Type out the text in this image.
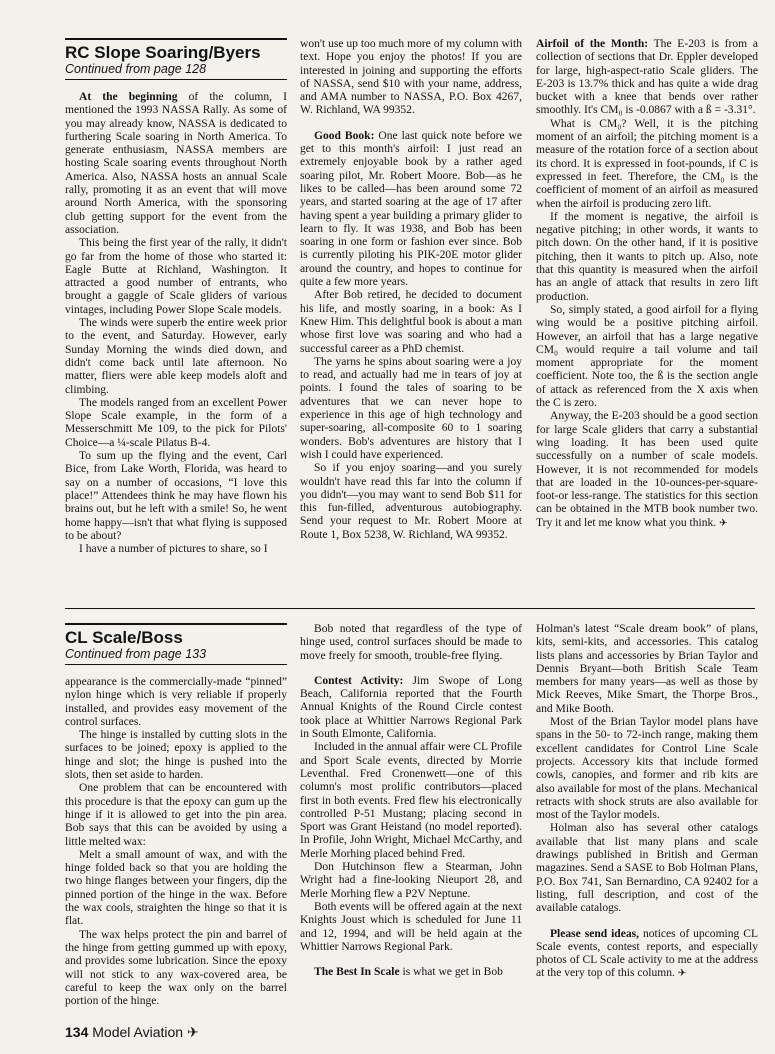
RC Slope Soaring/Byers
Continued from page 128

At the beginning of the column, I mentioned the 1993 NASSA Rally. As some of you may already know, NASSA is dedicated to furthering Scale soaring in North America. To generate enthusiasm, NASSA members are hosting Scale soaring events throughout North America. Also, NASSA hosts an annual Scale rally, promoting it as an event that will move around North America, with the sponsoring club getting support for the event from the association.

This being the first year of the rally, it didn't go far from the home of those who started it: Eagle Butte at Richland, Washington. It attracted a good number of entrants, who brought a gaggle of Scale gliders of various vintages, including Power Slope Scale models.

The winds were superb the entire week prior to the event, and Saturday. However, early Sunday Morning the winds died down, and didn't come back until late afternoon. No matter, fliers were able keep models aloft and climbing.

The models ranged from an excellent Power Slope Scale example, in the form of a Messerschmitt Me 109, to the pick for Pilots' Choice—a ¼-scale Pilatus B-4.

To sum up the flying and the event, Carl Bice, from Lake Worth, Florida, was heard to say on a number of occasions, “I love this place!” Attendees think he may have flown his brains out, but he left with a smile! So, he went home happy—isn't that what flying is supposed to be about?

I have a number of pictures to share, so I

won't use up too much more of my column with text. Hope you enjoy the photos! If you are interested in joining and supporting the efforts of NASSA, send $10 with your name, address, and AMA number to NASSA, P.O. Box 4267, W. Richland, WA 99352.

Good Book: One last quick note before we get to this month's airfoil: I just read an extremely enjoyable book by a rather aged soaring pilot, Mr. Robert Moore. Bob—as he likes to be called—has been around some 72 years, and started soaring at the age of 17 after having spent a year building a primary glider to learn to fly. It was 1938, and Bob has been soaring in one form or fashion ever since. Bob is currently piloting his PIK-20E motor glider around the country, and hopes to continue for quite a few more years.

After Bob retired, he decided to document his life, and mostly soaring, in a book: As I Knew Him. This delightful book is about a man whose first love was soaring and who had a successful career as a PhD chemist.

The yarns he spins about soaring were a joy to read, and actually had me in tears of joy at points. I found the tales of soaring to be adventures that we can never hope to experience in this age of high technology and super-soaring, all-composite 60 to 1 soaring wonders. Bob's adventures are history that I wish I could have experienced.

So if you enjoy soaring—and you surely wouldn't have read this far into the column if you didn't—you may want to send Bob $11 for this fun-filled, adventurous autobiography. Send your request to Mr. Robert Moore at Route 1, Box 5238, W. Richland, WA 99352.

Airfoil of the Month: The E-203 is from a collection of sections that Dr. Eppler developed for large, high-aspect-ratio Scale gliders. The E-203 is 13.7% thick and has quite a wide drag bucket with a knee that bends over rather smoothly. It's CM₀ is -0.0867 with a ß = -3.31°.

What is CM₀? Well, it is the pitching moment of an airfoil; the pitching moment is a measure of the rotation force of a section about its chord. It is expressed in foot-pounds, if C is expressed in feet. Therefore, the CM₀ is the coefficient of moment of an airfoil as measured when the airfoil is producing zero lift.

If the moment is negative, the airfoil is negative pitching; in other words, it wants to pitch down. On the other hand, if it is positive pitching, then it wants to pitch up. Also, note that this quantity is measured when the airfoil has an angle of attack that results in zero lift production.

So, simply stated, a good airfoil for a flying wing would be a positive pitching airfoil. However, an airfoil that has a large negative CM₀ would require a tail volume and tail moment appropriate for the moment coefficient. Note too, the ß is the section angle of attack as referenced from the X axis when the C is zero.

Anyway, the E-203 should be a good section for large Scale gliders that carry a substantial wing loading. It has been used quite successfully on a number of scale models. However, it is not recommended for models that are loaded in the 10-ounces-per-square-foot-or less-range. The statistics for this section can be obtained in the MTB book number two. Try it and let me know what you think. ✈

CL Scale/Boss
Continued from page 133

appearance is the commercially-made “pinned” nylon hinge which is very reliable if properly installed, and provides easy movement of the control surfaces.

The hinge is installed by cutting slots in the surfaces to be joined; epoxy is applied to the hinge and slot; the hinge is pushed into the slots, then set aside to harden.

One problem that can be encountered with this procedure is that the epoxy can gum up the hinge if it is allowed to get into the pin area. Bob says that this can be avoided by using a little melted wax:

Melt a small amount of wax, and with the hinge folded back so that you are holding the two hinge flanges between your fingers, dip the pinned portion of the hinge in the wax. Before the wax cools, straighten the hinge so that it is flat.

The wax helps protect the pin and barrel of the hinge from getting gummed up with epoxy, and provides some lubrication. Since the epoxy will not stick to any wax-covered area, be careful to keep the wax only on the barrel portion of the hinge.

Bob noted that regardless of the type of hinge used, control surfaces should be made to move freely for smooth, trouble-free flying.

Contest Activity: Jim Swope of Long Beach, California reported that the Fourth Annual Knights of the Round Circle contest took place at Whittier Narrows Regional Park in South Elmonte, California.

Included in the annual affair were CL Profile and Sport Scale events, directed by Morrie Leventhal. Fred Cronenwett—one of this column's most prolific contributors—placed first in both events. Fred flew his electronically controlled P-51 Mustang; placing second in Sport was Grant Heistand (no model reported). In Profile, John Wright, Michael McCarthy, and Merle Morhing placed behind Fred.

Don Hutchinson flew a Stearman, John Wright had a fine-looking Nieuport 28, and Merle Morhing flew a P2V Neptune.

Both events will be offered again at the next Knights Joust which is scheduled for June 11 and 12, 1994, and will be held again at the Whittier Narrows Regional Park.

The Best In Scale is what we get in Bob

Holman's latest “Scale dream book” of plans, kits, semi-kits, and accessories. This catalog lists plans and accessories by Brian Taylor and Dennis Bryant—both British Scale Team members for many years—as well as those by Mick Reeves, Mike Smart, the Thorpe Bros., and Mike Booth.

Most of the Brian Taylor model plans have spans in the 50- to 72-inch range, making them excellent candidates for Control Line Scale projects. Accessory kits that include formed cowls, canopies, and former and rib kits are also available for most of the plans. Mechanical retracts with shock struts are also available for most of the Taylor models.

Holman also has several other catalogs available that list many plans and scale drawings published in British and German magazines. Send a SASE to Bob Holman Plans, P.O. Box 741, San Bernardino, CA 92402 for a listing, full description, and cost of the available catalogs.

Please send ideas, notices of upcoming CL Scale events, contest reports, and especially photos of CL Scale activity to me at the address at the very top of this column. ✈

134 Model Aviation ✈
